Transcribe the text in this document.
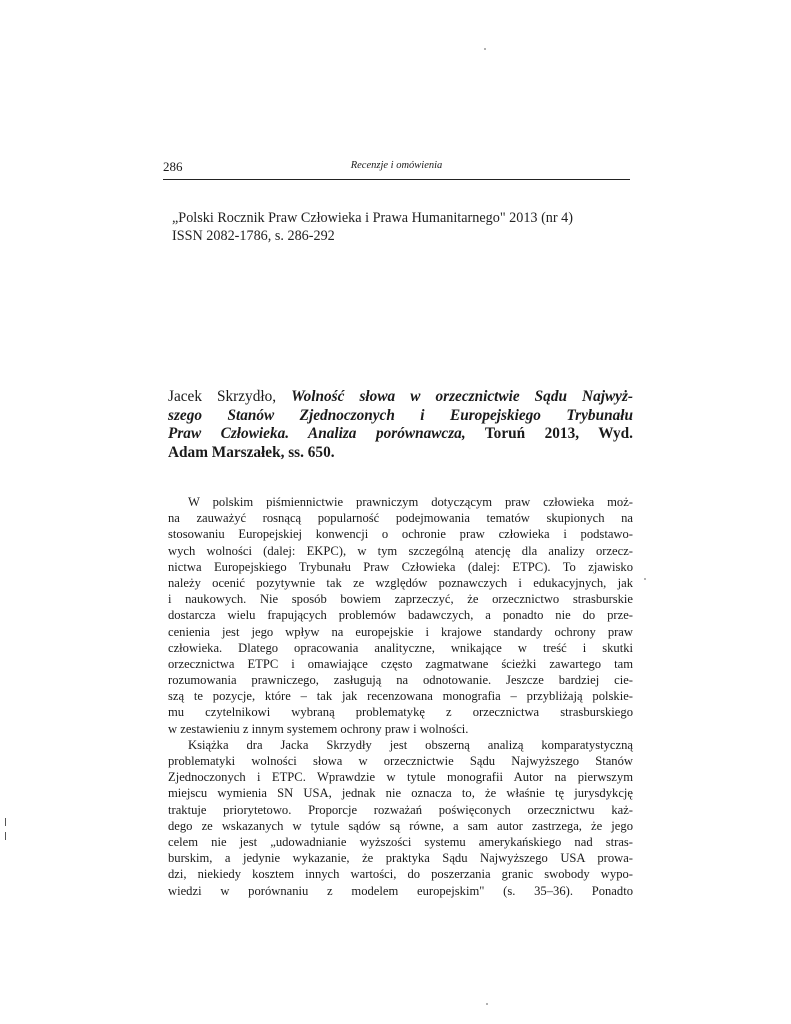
286	Recenzje i omówienia
„Polski Rocznik Praw Człowieka i Prawa Humanitarnego" 2013 (nr 4)
ISSN 2082-1786, s. 286-292
Jacek Skrzydło, Wolność słowa w orzecznictwie Sądu Najwyż-
szego Stanów Zjednoczonych i Europejskiego Trybunału
Praw Człowieka. Analiza porównawcza, Toruń 2013, Wyd.
Adam Marszałek, ss. 650.
W polskim piśmiennictwie prawniczym dotyczącym praw człowieka moż-
na zauważyć rosnącą popularność podejmowania tematów skupionych na
stosowaniu Europejskiej konwencji o ochronie praw człowieka i podstawo-
wych wolności (dalej: EKPC), w tym szczególną atencję dla analizy orzecz-
nictwa Europejskiego Trybunału Praw Człowieka (dalej: ETPC). To zjawisko
należy ocenić pozytywnie tak ze względów poznawczych i edukacyjnych, jak
i naukowych. Nie sposób bowiem zaprzeczyć, że orzecznictwo strasburskie
dostarcza wielu frapujących problemów badawczych, a ponadto nie do prze-
cenienia jest jego wpływ na europejskie i krajowe standardy ochrony praw
człowieka. Dlatego opracowania analityczne, wnikające w treść i skutki
orzecznictwa ETPC i omawiające często zagmatwane ścieżki zawartego tam
rozumowania prawniczego, zasługują na odnotowanie. Jeszcze bardziej cie-
szą te pozycje, które – tak jak recenzowana monografia – przybliżają polskie-
mu czytelnikowi wybraną problematykę z orzecznictwa strasburskiego
w zestawieniu z innym systemem ochrony praw i wolności.
Książka dra Jacka Skrzydły jest obszerną analizą komparatystyczną
problematyki wolności słowa w orzecznictwie Sądu Najwyższego Stanów
Zjednoczonych i ETPC. Wprawdzie w tytule monografii Autor na pierwszym
miejscu wymienia SN USA, jednak nie oznacza to, że właśnie tę jurysdykcję
traktuje priorytetowo. Proporcje rozważań poświęconych orzecznictwu każ-
dego ze wskazanych w tytule sądów są równe, a sam autor zastrzega, że jego
celem nie jest „udowadnianie wyższości systemu amerykańskiego nad stras-
burskim, a jedynie wykazanie, że praktyka Sądu Najwyższego USA prowa-
dzi, niekiedy kosztem innych wartości, do poszerzania granic swobody wypo-
wiedzi w porównaniu z modelem europejskim" (s. 35–36). Ponadto
